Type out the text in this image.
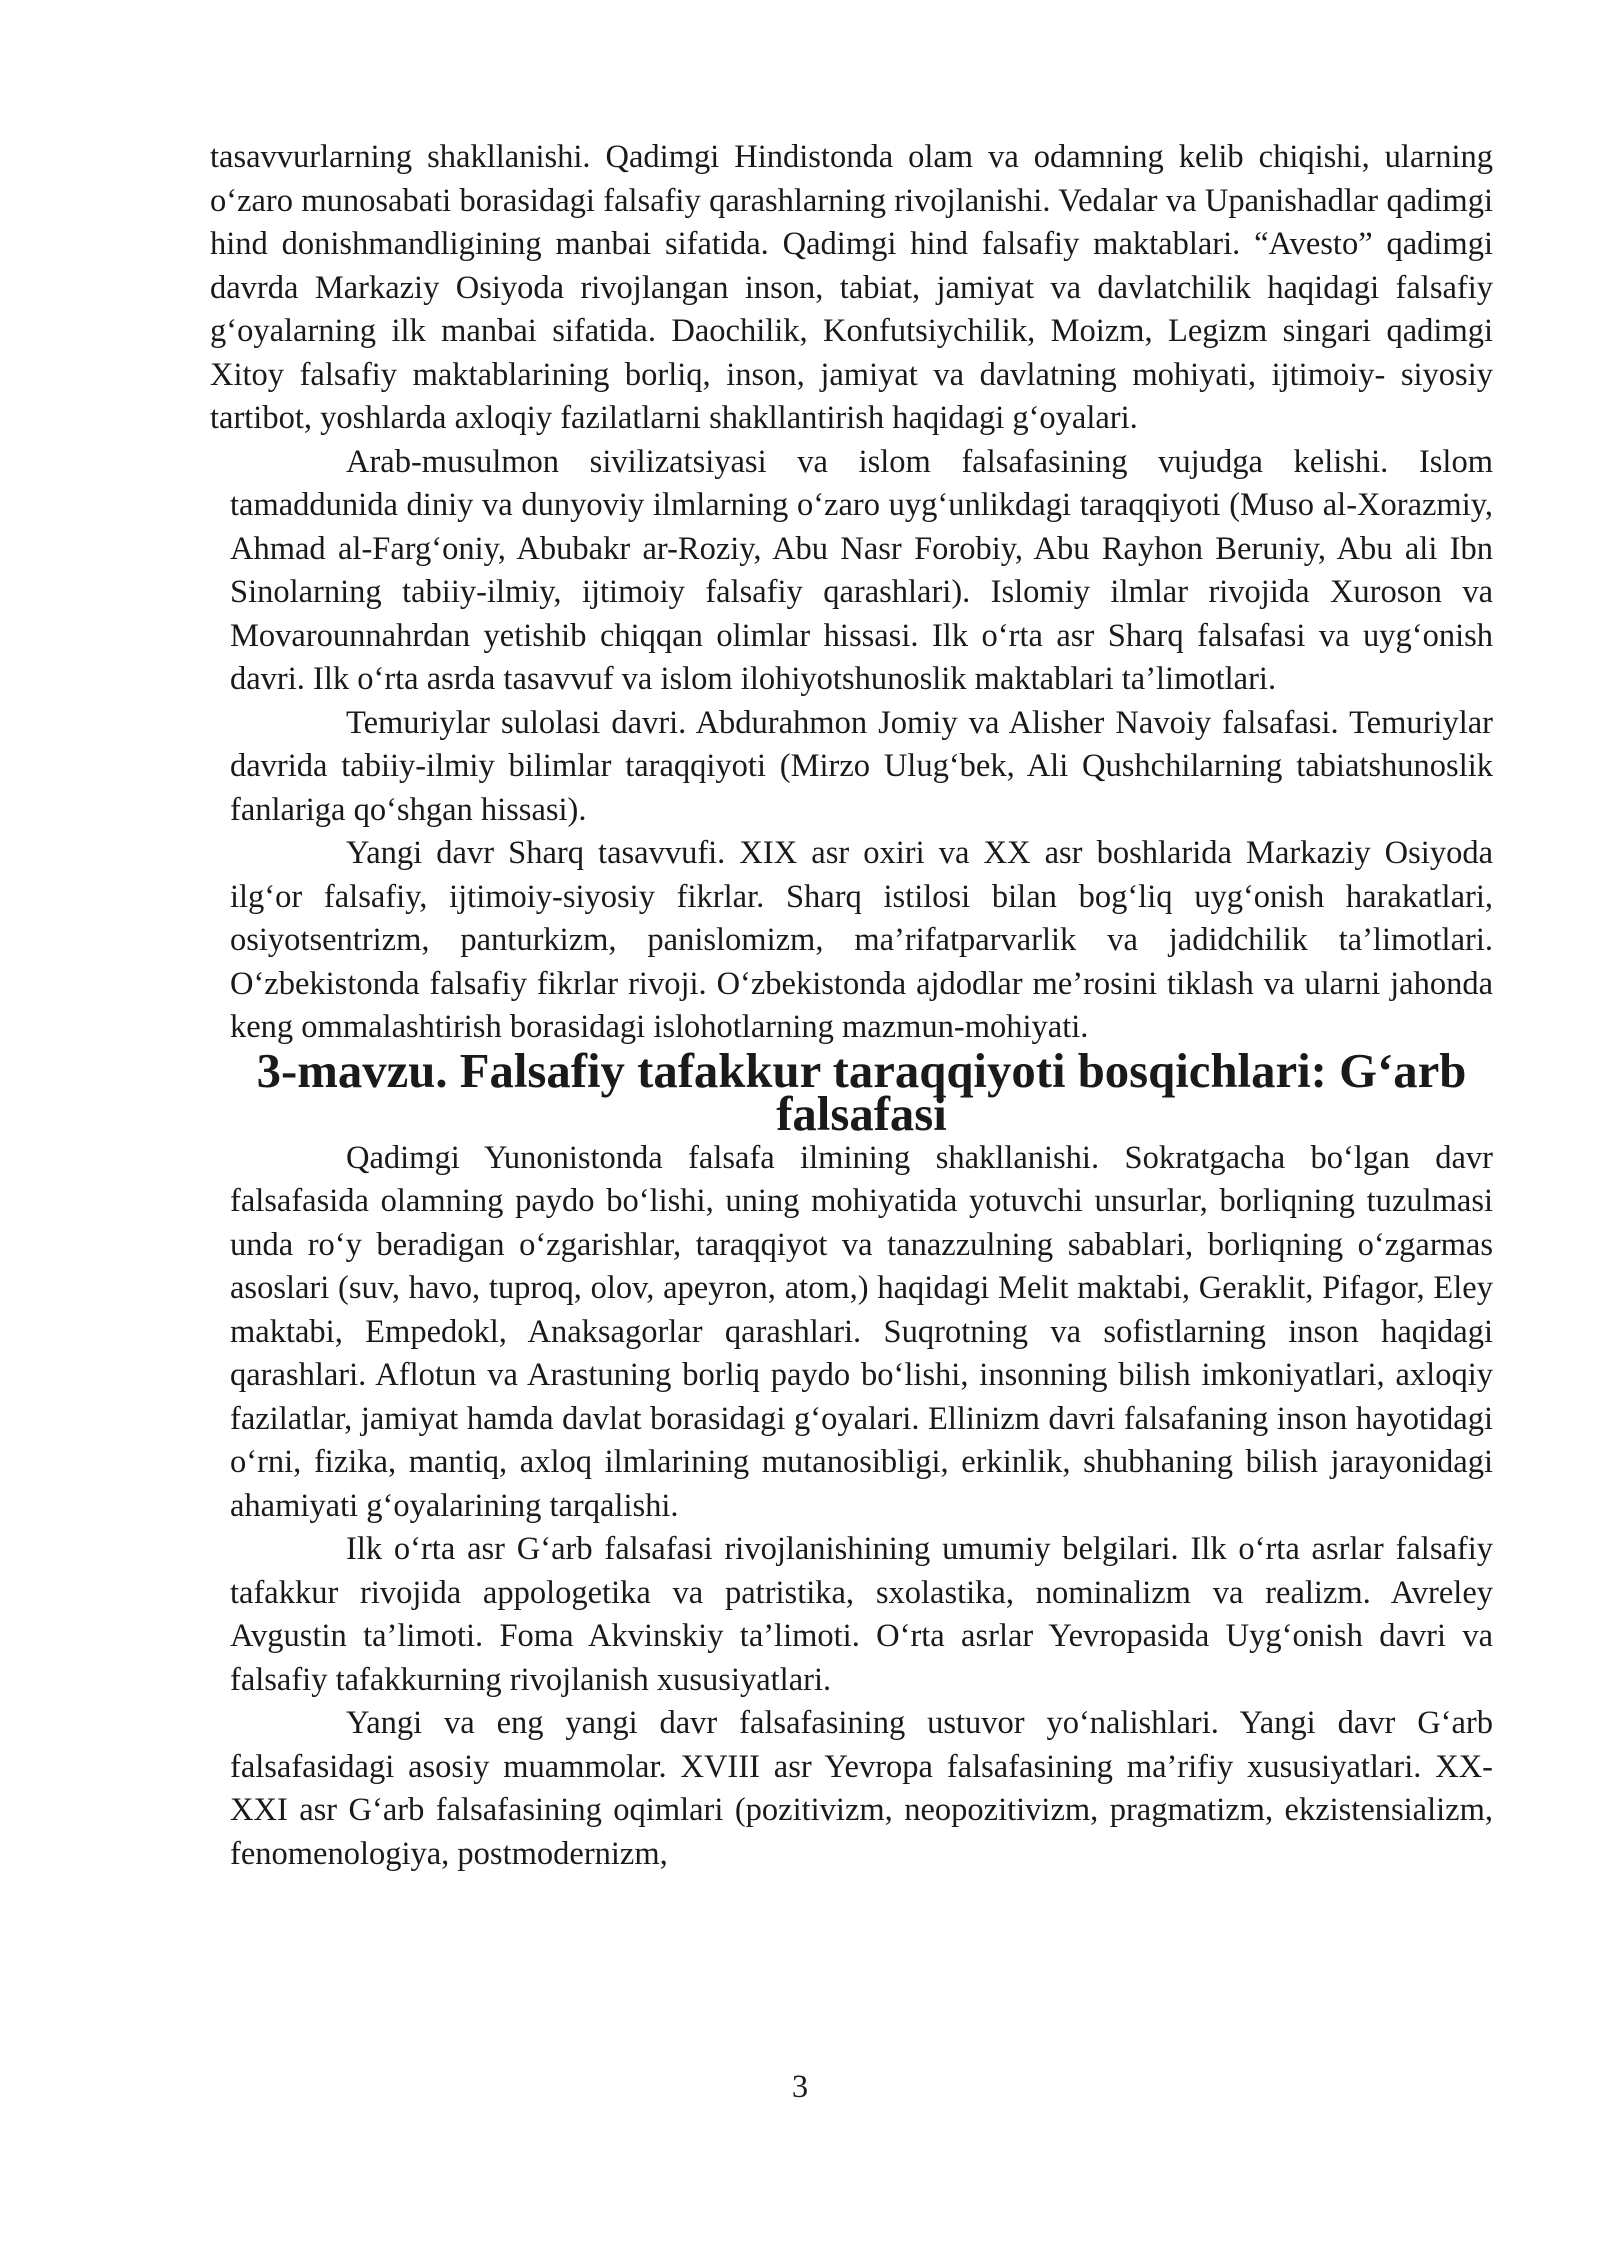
tasavvurlarning shakllanishi. Qadimgi Hindistonda olam va odamning kelib chiqishi, ularning o‘zaro munosabati borasidagi falsafiy qarashlarning rivojlanishi. Vedalar va Upanishadlar qadimgi hind donishmandligining manbai sifatida. Qadimgi hind falsafiy maktablari. “Avesto” qadimgi davrda Markaziy Osiyoda rivojlangan inson, tabiat, jamiyat va davlatchilik haqidagi falsafiy g‘oyalarning ilk manbai sifatida. Daochilik, Konfutsiychilik, Moizm, Legizm singari qadimgi Xitoy falsafiy maktablarining borliq, inson, jamiyat va davlatning mohiyati, ijtimoiy- siyosiy tartibot, yoshlarda axloqiy fazilatlarni shakllantirish haqidagi g‘oyalari.

Arab-musulmon sivilizatsiyasi va islom falsafasining vujudga kelishi. Islom tamaddunida diniy va dunyoviy ilmlarning o‘zaro uyg‘unlikdagi taraqqiyoti (Muso al-Xorazmiy, Ahmad al-Farg‘oniy, Abubakr ar-Roziy, Abu Nasr Forobiy, Abu Rayhon Beruniy, Abu ali Ibn Sinolarning tabiiy-ilmiy, ijtimoiy falsafiy qarashlari). Islomiy ilmlar rivojida Xuroson va Movarounnahrdan yetishib chiqqan olimlar hissasi. Ilk o‘rta asr Sharq falsafasi va uyg‘onish davri. Ilk o‘rta asrda tasavvuf va islom ilohiyotshunoslik maktablari ta’limotlari.

Temuriylar sulolasi davri. Abdurahmon Jomiy va Alisher Navoiy falsafasi. Temuriylar davrida tabiiy-ilmiy bilimlar taraqqiyoti (Mirzo Ulug‘bek, Ali Qushchilarning tabiatshunoslik fanlariga qo‘shgan hissasi).

Yangi davr Sharq tasavvufi. XIX asr oxiri va XX asr boshlarida Markaziy Osiyoda ilg‘or falsafiy, ijtimoiy-siyosiy fikrlar. Sharq istilosi bilan bog‘liq uyg‘onish harakatlari, osiyotsentrizm, panturkizm, panislomizm, ma’rifatparvarlik va jadidchilik ta’limotlari. O‘zbekistonda falsafiy fikrlar rivoji. O‘zbekistonda ajdodlar me’rosini tiklash va ularni jahonda keng ommalashtirish borasidagi islohotlarning mazmun-mohiyati.

3-mavzu. Falsafiy tafakkur taraqqiyoti bosqichlari: G‘arb falsafasi

Qadimgi Yunonistonda falsafa ilmining shakllanishi. Sokratgacha bo‘lgan davr falsafasida olamning paydo bo‘lishi, uning mohiyatida yotuvchi unsurlar, borliqning tuzulmasi unda ro‘y beradigan o‘zgarishlar, taraqqiyot va tanazzulning sabablari, borliqning o‘zgarmas asoslari (suv, havo, tuproq, olov, apeyron, atom,) haqidagi Melit maktabi, Geraklit, Pifagor, Eley maktabi, Empedokl, Anaksagorlar qarashlari. Suqrotning va sofistlarning inson haqidagi qarashlari. Aflotun va Arastuning borliq paydo bo‘lishi, insonning bilish imkoniyatlari, axloqiy fazilatlar, jamiyat hamda davlat borasidagi g‘oyalari. Ellinizm davri falsafaning inson hayotidagi o‘rni, fizika, mantiq, axloq ilmlarining mutanosibligi, erkinlik, shubhaning bilish jarayonidagi ahamiyati g‘oyalarining tarqalishi.

Ilk o‘rta asr G‘arb falsafasi rivojlanishining umumiy belgilari. Ilk o‘rta asrlar falsafiy tafakkur rivojida appologetika va patristika, sxolastika, nominalizm va realizm. Avreley Avgustin ta’limoti. Foma Akvinskiy ta’limoti. O‘rta asrlar Yevropasida Uyg‘onish davri va falsafiy tafakkurning rivojlanish xususiyatlari.

Yangi va eng yangi davr falsafasining ustuvor yo‘nalishlari. Yangi davr G‘arb falsafasidagi asosiy muammolar. XVIII asr Yevropa falsafasining ma’rifiy xususiyatlari. XX-XXI asr G‘arb falsafasining oqimlari (pozitivizm, neopozitivizm, pragmatizm, ekzistensializm, fenomenologiya, postmodernizm,

3
